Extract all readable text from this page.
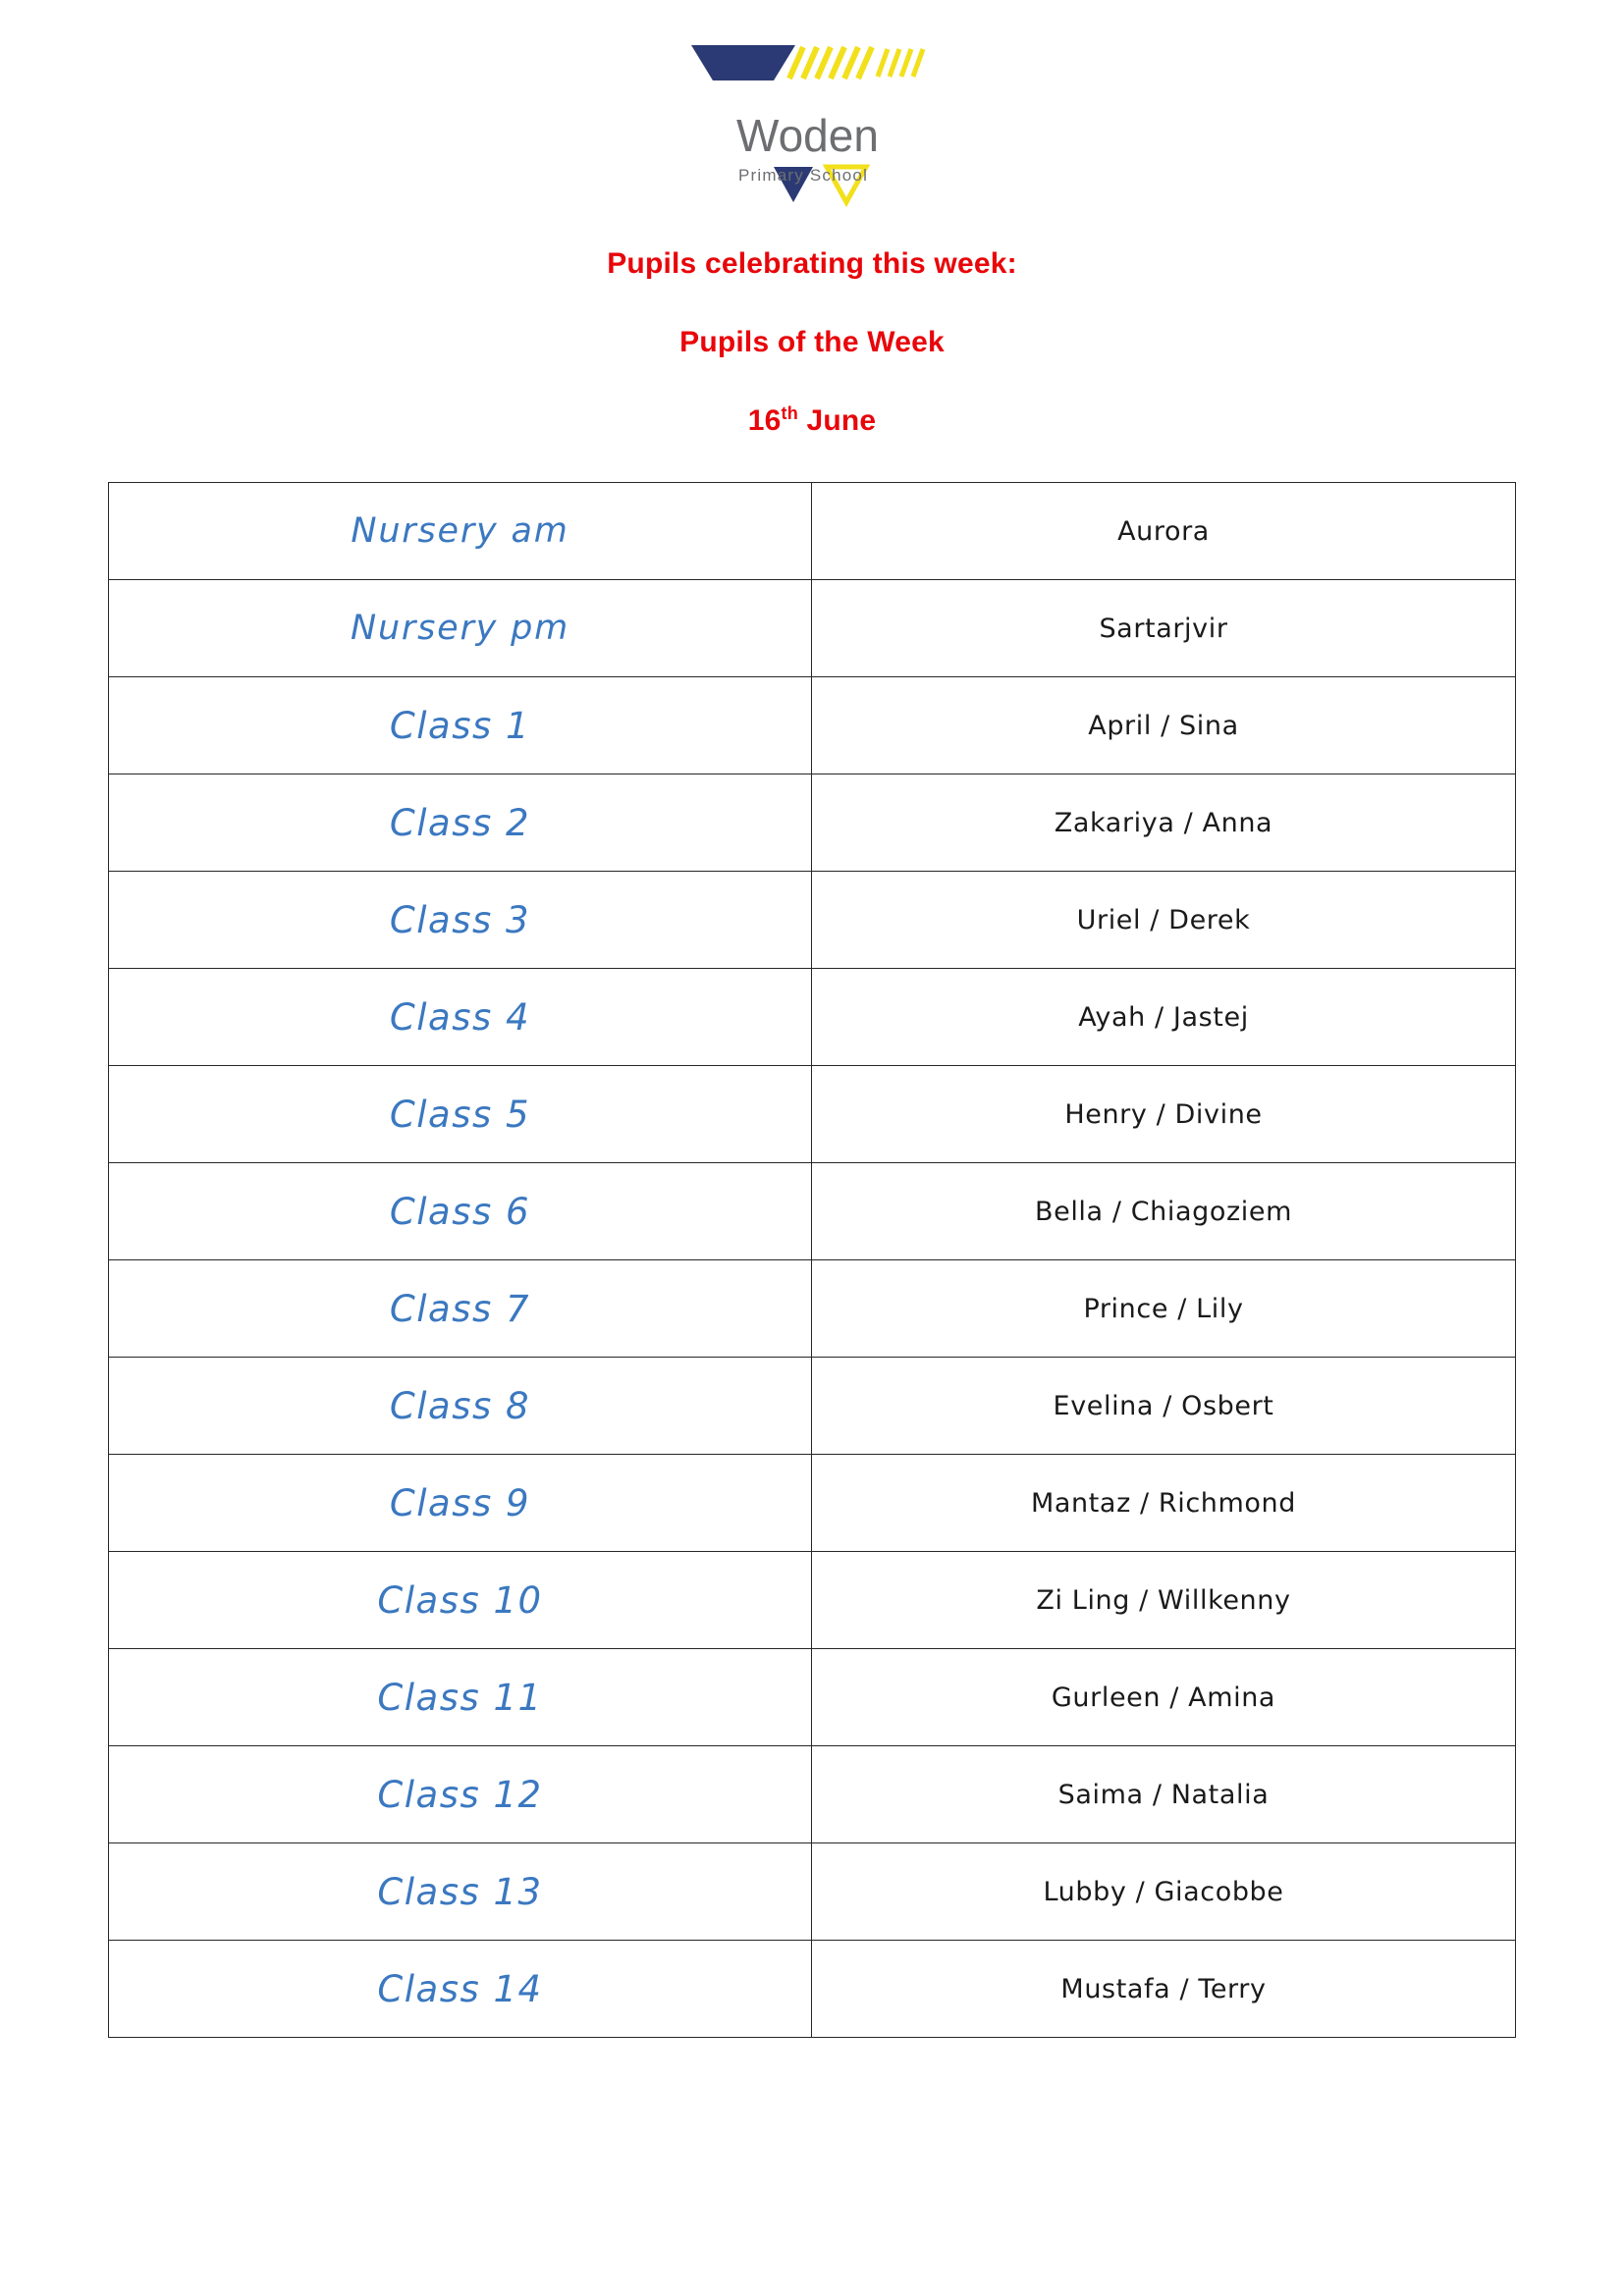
Woden
Primary School

Pupils celebrating this week:

Pupils of the Week

16th June

Nursery am	Aurora
Nursery pm	Sartarjvir
Class 1	April / Sina
Class 2	Zakariya / Anna
Class 3	Uriel / Derek
Class 4	Ayah / Jastej
Class 5	Henry / Divine
Class 6	Bella / Chiagoziem
Class 7	Prince / Lily
Class 8	Evelina / Osbert
Class 9	Mantaz / Richmond
Class 10	Zi Ling / Willkenny
Class 11	Gurleen / Amina
Class 12	Saima / Natalia
Class 13	Lubby / Giacobbe
Class 14	Mustafa / Terry
